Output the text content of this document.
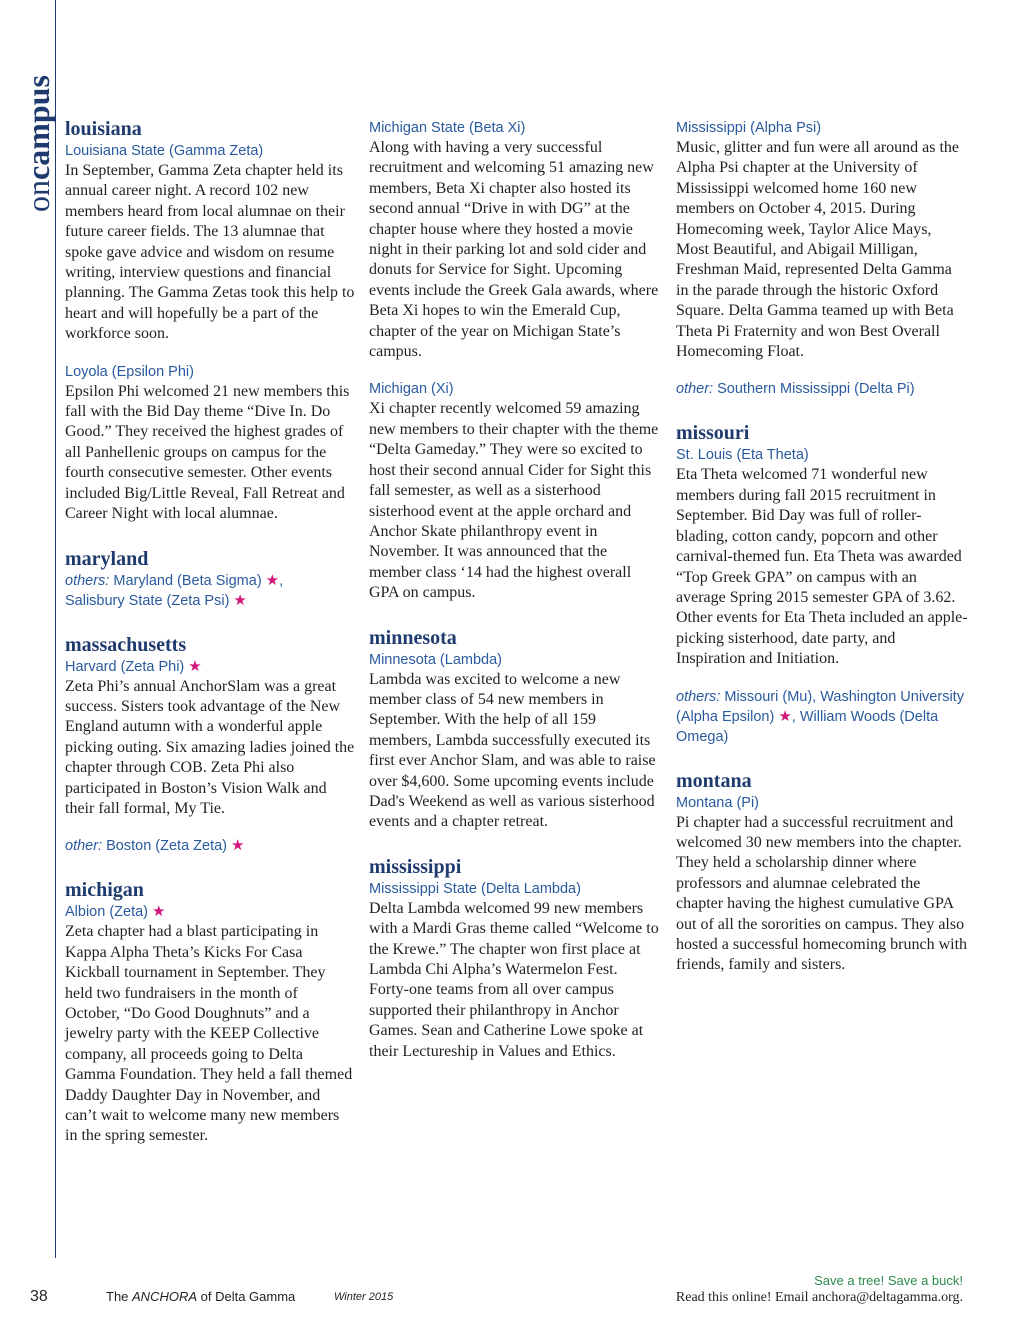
oncampus louisiana

Louisiana State (Gamma Zeta)

In September, Gamma Zeta chapter held its annual career night. A record 102 new members heard from local alumnae on their future career fields. The 13 alumnae that spoke gave advice and wisdom on resume writing, interview questions and financial planning. The Gamma Zetas took this help to heart and will hopefully be a part of the workforce soon.

Loyola (Epsilon Phi)

Epsilon Phi welcomed 21 new members this fall with the Bid Day theme “Dive In. Do Good.” They received the highest grades of all Panhellenic groups on campus for the fourth consecutive semester. Other events included Big/Little Reveal, Fall Retreat and Career Night with local alumnae.

maryland

others: Maryland (Beta Sigma) ★,
Salisbury State (Zeta Psi) ★

massachusetts

Harvard (Zeta Phi) ★

Zeta Phi’s annual AnchorSlam was a great success. Sisters took advantage of the New England autumn with a wonderful apple picking outing. Six amazing ladies joined the chapter through COB. Zeta Phi also participated in Boston’s Vision Walk and their fall formal, My Tie.

other: Boston (Zeta Zeta) ★

michigan

Albion (Zeta) ★

Zeta chapter had a blast participating in Kappa Alpha Theta’s Kicks For Casa Kickball tournament in September. They held two fundraisers in the month of October, “Do Good Doughnuts” and a jewelry party with the KEEP Collective company, all proceeds going to Delta Gamma Foundation. They held a fall themed Daddy Daughter Day in November, and can’t wait to welcome many new members in the spring semester.

Michigan State (Beta Xi)

Along with having a very successful recruitment and welcoming 51 amazing new members, Beta Xi chapter also hosted its second annual “Drive in with DG” at the chapter house where they hosted a movie night in their parking lot and sold cider and donuts for Service for Sight. Upcoming events include the Greek Gala awards, where Beta Xi hopes to win the Emerald Cup, chapter of the year on Michigan State’s campus.

Michigan (Xi)

Xi chapter recently welcomed 59 amazing new members to their chapter with the theme “Delta Gameday.” They were so excited to host their second annual Cider for Sight this fall semester, as well as a sisterhood sisterhood event at the apple orchard and Anchor Skate philanthropy event in November. It was announced that the member class ‘14 had the highest overall GPA on campus.

minnesota

Minnesota (Lambda)

Lambda was excited to welcome a new member class of 54 new members in September. With the help of all 159 members, Lambda successfully executed its first ever Anchor Slam, and was able to raise over $4,600. Some upcoming events include Dad's Weekend as well as various sisterhood events and a chapter retreat.

mississippi

Mississippi State (Delta Lambda)

Delta Lambda welcomed 99 new members with a Mardi Gras theme called “Welcome to the Krewe.” The chapter won first place at Lambda Chi Alpha’s Watermelon Fest. Forty-one teams from all over campus supported their philanthropy in Anchor Games. Sean and Catherine Lowe spoke at their Lectureship in Values and Ethics.

Mississippi (Alpha Psi)

Music, glitter and fun were all around as the Alpha Psi chapter at the University of Mississippi welcomed home 160 new members on October 4, 2015. During Homecoming week, Taylor Alice Mays, Most Beautiful, and Abigail Milligan, Freshman Maid, represented Delta Gamma in the parade through the historic Oxford Square. Delta Gamma teamed up with Beta Theta Pi Fraternity and won Best Overall Homecoming Float.

other: Southern Mississippi (Delta Pi)

missouri

St. Louis (Eta Theta)

Eta Theta welcomed 71 wonderful new members during fall 2015 recruitment in September. Bid Day was full of roller-blading, cotton candy, popcorn and other carnival-themed fun. Eta Theta was awarded “Top Greek GPA” on campus with an average Spring 2015 semester GPA of 3.62. Other events for Eta Theta included an apple-picking sisterhood, date party, and Inspiration and Initiation.

others: Missouri (Mu), Washington University (Alpha Epsilon) ★, William Woods (Delta Omega)

montana

Montana (Pi)

Pi chapter had a successful recruitment and welcomed 30 new members into the chapter. They held a scholarship dinner where professors and alumnae celebrated the chapter having the highest cumulative GPA out of all the sororities on campus. They also hosted a successful homecoming brunch with friends, family and sisters.

38	The ANCHORA of Delta Gamma	Winter 2015
Save a tree! Save a buck!
Read this online! Email anchora@deltagamma.org.
